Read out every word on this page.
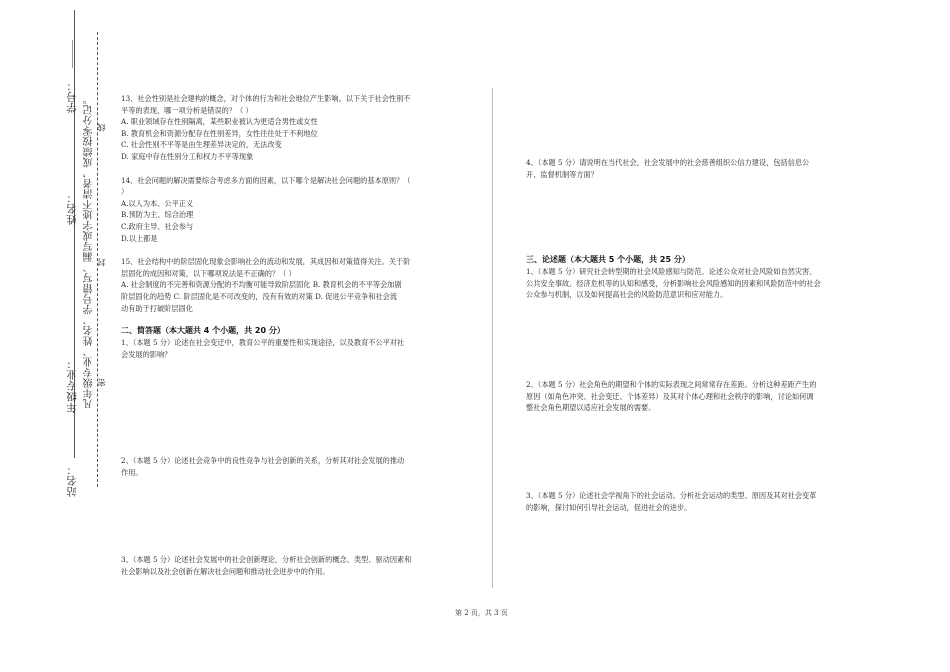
学号：
姓名：
年级专业：
站名：
凡年级专业、姓名、学号错写、漏写或字迹不清者，成绩按零分记。 线
封
密

13、社会性别是社会建构的概念，对个体的行为和社会地位产生影响。以下关于社会性别不

平等的表现，哪一项分析是错误的？（ ）

A. 职业领域存在性别隔离，某些职业被认为更适合男性或女性

B. 教育机会和资源分配存在性别差异，女性往往处于不利地位

C. 社会性别不平等是由生理差异决定的，无法改变

D. 家庭中存在性别分工和权力不平等现象

14、社会问题的解决需要综合考虑多方面的因素，以下哪个是解决社会问题的基本原则？（

）

A.以人为本、公平正义

B.预防为主、综合治理

C.政府主导、社会参与

D.以上都是

15、社会结构中的阶层固化现象会影响社会的流动和发展，其成因和对策值得关注。关于阶

层固化的成因和对策，以下哪项说法是不正确的？（ ）

A. 社会制度的不完善和资源分配的不均衡可能导致阶层固化 B. 教育机会的不平等会加剧

阶层固化的趋势 C. 阶层固化是不可改变的，没有有效的对策 D. 促进公平竞争和社会流

动有助于打破阶层固化

二、简答题（本大题共 4 个小题，共 20 分）

1、（本题 5 分）论述在社会变迁中，教育公平的重要性和实现途径，以及教育不公平对社

会发展的影响？

2、（本题 5 分）论述社会竞争中的良性竞争与社会创新的关系，分析其对社会发展的推动

作用。

3、（本题 5 分）论述社会发展中的社会创新理论，分析社会创新的概念、类型、驱动因素和

社会影响以及社会创新在解决社会问题和推动社会进步中的作用。

4、（本题 5 分）请说明在当代社会，社会发展中的社会慈善组织公信力建设，包括信息公

开、监督机制等方面？

三、论述题（本大题共 5 个小题，共 25 分）

1、（本题 5 分）研究社会转型期的社会风险感知与防范。论述公众对社会风险如自然灾害、

公共安全事故、经济危机等的认知和感受，分析影响社会风险感知的因素和风险防范中的社会

公众参与机制，以及如何提高社会的风险防范意识和应对能力。

2、（本题 5 分）社会角色的期望和个体的实际表现之间常常存在差距。分析这种差距产生的

原因（如角色冲突、社会变迁、个体差异）及其对个体心理和社会秩序的影响，讨论如何调

整社会角色期望以适应社会发展的需要。

3、（本题 5 分）论述社会学视角下的社会运动。分析社会运动的类型、原因及其对社会变革

的影响，探讨如何引导社会运动，促进社会的进步。

第 2 页，共 3 页
